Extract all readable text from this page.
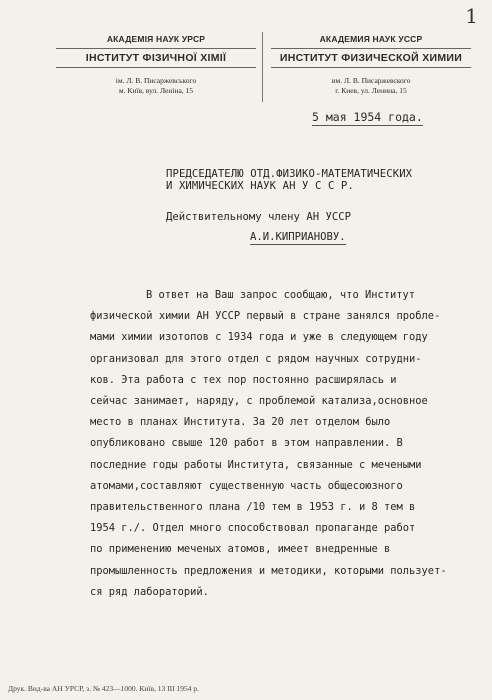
1
АКАДЕМІЯ НАУК УРСР
ІНСТИТУТ ФІЗИЧНОЇ ХІМІЇ
ім. Л. В. Писаржевського
м. Київ, вул. Леніна, 15
АКАДЕМИЯ НАУК УССР
ИНСТИТУТ ФИЗИЧЕСКОЙ ХИМИИ
им. Л. В. Писаржевского
г. Киев, ул. Ленина, 15
5 мая 1954 года.
ПРЕДСЕДАТЕЛЮ ОТД.ФИЗИКО-МАТЕМАТИЧЕСКИХ
И ХИМИЧЕСКИХ НАУК АН У С С Р.
Действительному члену АН УССР
А.И.КИПРИАНОВУ.
В ответ на Ваш запрос сообщаю, что Институт
физической химии АН УССР первый в стране занялся пробле-
мами химии изотопов с 1934 года и уже в следующем году
организовал для этого отдел с рядом научных сотрудни-
ков. Эта работа с тех пор постоянно расширялась и
сейчас занимает, наряду, с проблемой катализа,основное
место в планах Института. За 20 лет отделом было
опубликовано свыше 120 работ в этом направлении. В
последние годы работы Института, связанные с мечеными
атомами,составляют существенную часть общесоюзного
правительственного плана /10 тем в 1953 г. и 8 тем в
1954 г./. Отдел много способствовал пропаганде работ
по применению меченых атомов, имеет внедренные в
промышленность предложения и методики, которыми пользует-
ся ряд лабораторий.
Друк. Вид-ва АН УРСР, з. № 423—1000. Київ, 13 III 1954 р.
